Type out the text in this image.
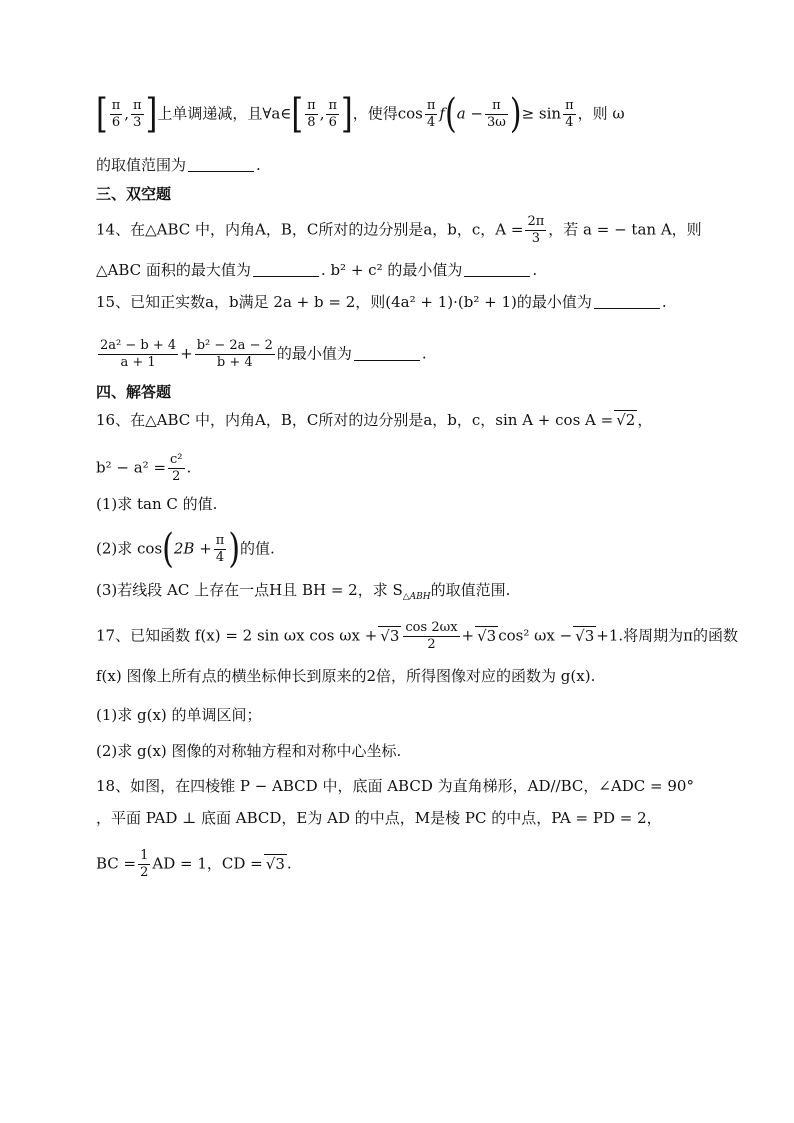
[ $\frac{\pi}{6}$ , $\frac{\pi}{3}$ ]上单调递减，且∀a∈[ $\frac{\pi}{8}$ , $\frac{\pi}{6}$ ]，使得$\cos \frac{\pi}{4} f(a - \frac{\pi}{3\omega}$ )≥ $\sin \frac{\pi}{4}$ ，则 ω
的取值范围为	.
三、双空题
14、在△ABC 中，内角A，B，C所对的边分别是a，b，c，$A = \frac{2\pi}{3}$ ，若 a = − tan A，则
△ABC 面积的最大值为	. b² + c² 的最小值为	.
15、已知正实数a，b满足 2a + b = 2，则(4a² + 1)·(b² + 1)的最小值为	.
$\frac{\text{2a² − b + 4}}{a + 1} + \frac{\text{b² − 2a − 2}}{b + 4}$ 的最小值为	.
四、解答题
16、在△ABC 中，内角A，B，C所对的边分别是a，b，c，sin A + cos A = √2 ，
$b^2 - a^2 = \frac{\text{c²}}{2}$ .
(1)求 tan C 的值.
(2)求 $\cos(2B + \frac{\pi}{4}$ )的值.
(3)若线段 AC 上存在一点H且 BH = 2，求 $S_{\triangle ABH}$的取值范围.
17、已知函数 f(x) = 2 sin ωx $\cos \omega x + √3 \frac{\cos 2\omega x}{2} + √3$ cos² ωx − √3 +1.将周期为π的函数
f(x) 图像上所有点的横坐标伸长到原来的2倍，所得图像对应的函数为 g(x).
(1)求 g(x) 的单调区间；
(2)求 g(x) 图像的对称轴方程和对称中心坐标.
18、如图，在四棱锥 P − ABCD 中，底面 ABCD 为直角梯形，AD//BC，∠ADC = 90°
，平面 PAD ⊥ 底面 ABCD，E为 AD 的中点，M是棱 PC 的中点，PA = PD = 2，
BC = $\frac{1}{2}$ AD = 1，CD = √3 .
